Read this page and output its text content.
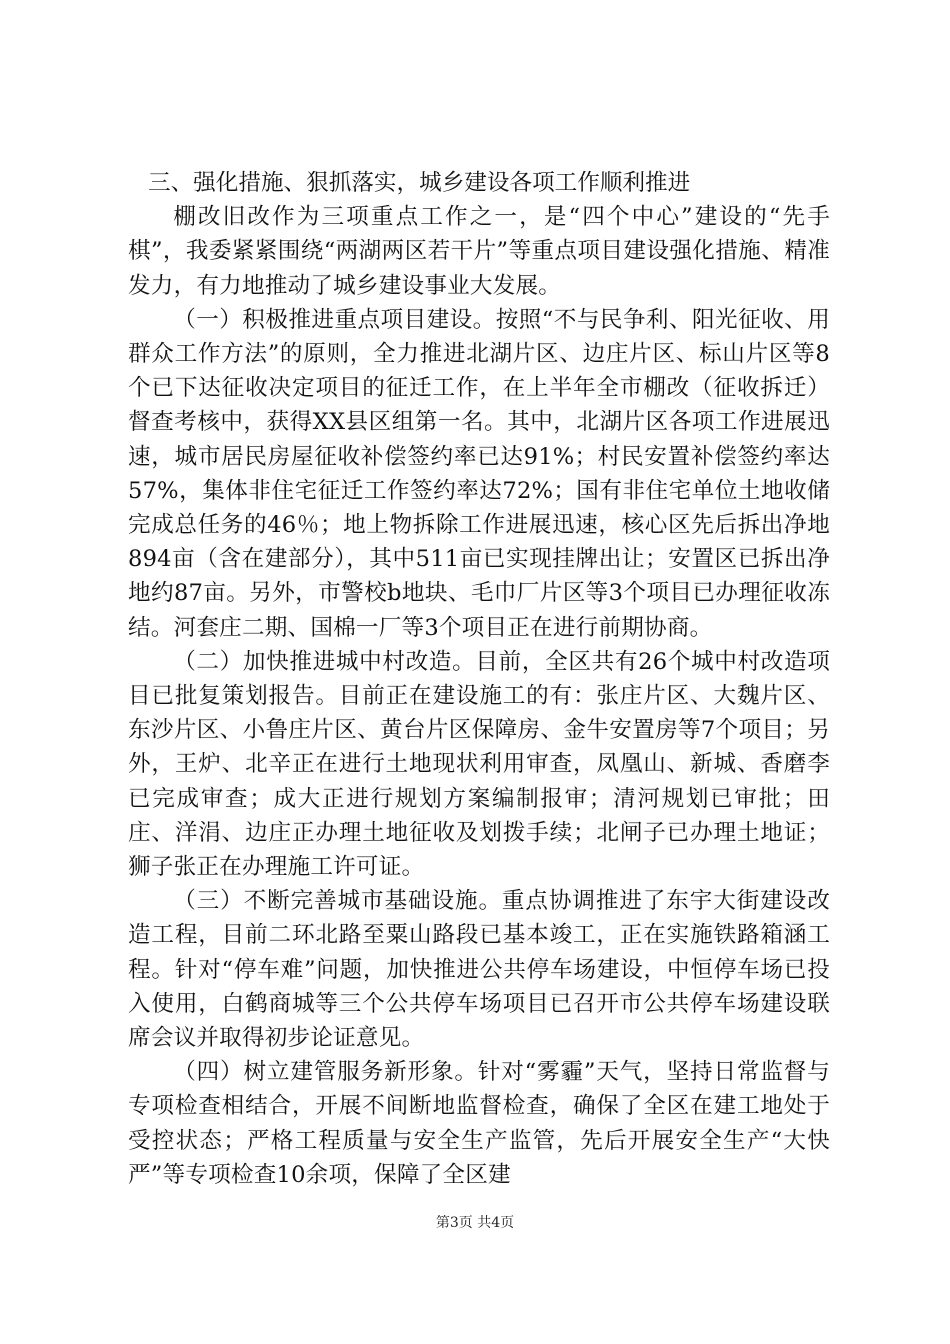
三、强化措施、狠抓落实，城乡建设各项工作顺利推进

棚改旧改作为三项重点工作之一，是“四个中心”建设的“先手棋”，我委紧紧围绕“两湖两区若干片”等重点项目建设强化措施、精准发力，有力地推动了城乡建设事业大发展。

（一）积极推进重点项目建设。按照“不与民争利、阳光征收、用群众工作方法”的原则，全力推进北湖片区、边庄片区、标山片区等8个已下达征收决定项目的征迁工作，在上半年全市棚改（征收拆迁）督查考核中，获得XX县区组第一名。其中，北湖片区各项工作进展迅速，城市居民房屋征收补偿签约率已达91%；村民安置补偿签约率达57%，集体非住宅征迁工作签约率达72%；国有非住宅单位土地收储完成总任务的46％；地上物拆除工作进展迅速，核心区先后拆出净地894亩（含在建部分），其中511亩已实现挂牌出让；安置区已拆出净地约87亩。另外，市警校b地块、毛巾厂片区等3个项目已办理征收冻结。河套庄二期、国棉一厂等3个项目正在进行前期协商。

（二）加快推进城中村改造。目前，全区共有26个城中村改造项目已批复策划报告。目前正在建设施工的有：张庄片区、大魏片区、东沙片区、小鲁庄片区、黄台片区保障房、金牛安置房等7个项目；另外，王炉、北辛正在进行土地现状利用审查，凤凰山、新城、香磨李已完成审查；成大正进行规划方案编制报审；清河规划已审批；田庄、洋涓、边庄正办理土地征收及划拨手续；北闸子已办理土地证；狮子张正在办理施工许可证。

（三）不断完善城市基础设施。重点协调推进了东宇大街建设改造工程，目前二环北路至粟山路段已基本竣工，正在实施铁路箱涵工程。针对“停车难”问题，加快推进公共停车场建设，中恒停车场已投入使用，白鹤商城等三个公共停车场项目已召开市公共停车场建设联席会议并取得初步论证意见。

（四）树立建管服务新形象。针对“雾霾”天气，坚持日常监督与专项检查相结合，开展不间断地监督检查，确保了全区在建工地处于受控状态；严格工程质量与安全生产监管，先后开展安全生产“大快严”等专项检查10余项，保障了全区建

第3页 共4页
